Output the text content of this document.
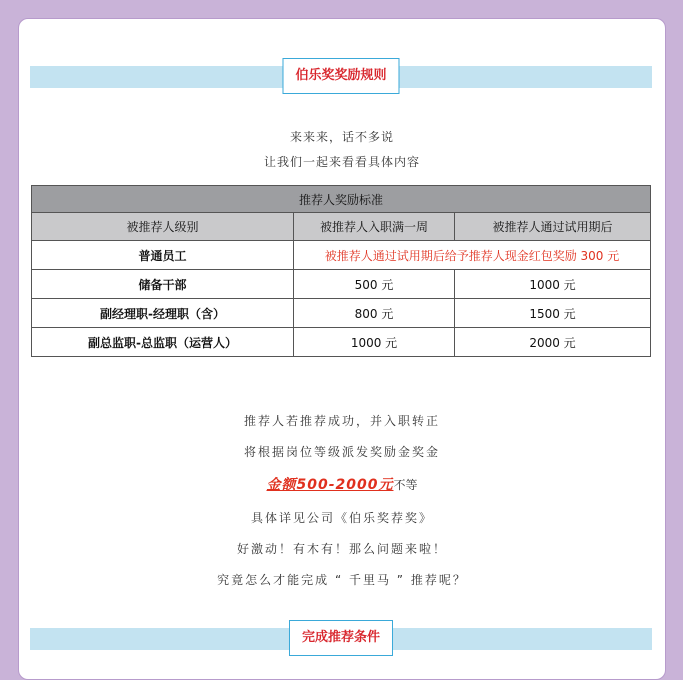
伯乐奖奖励规则
来来来，话不多说
让我们一起来看看具体内容
推荐人奖励标准		
被推荐人级别	被推荐人入职满一周	被推荐人通过试用期后
普通员工	被推荐人通过试用期后给予推荐人现金红包奖励 300 元	
储备干部	500 元	1000 元
副经理职-经理职（含）	800 元	1500 元
副总监职-总监职（运营人）	1000 元	2000 元
推荐人若推荐成功，并入职转正
将根据岗位等级派发奖励金奖金
金额500-2000元不等
具体详见公司《伯乐奖荐奖》
好激动！有木有！那么问题来啦！
究竟怎么才能完成 “ 千里马 ” 推荐呢？
完成推荐条件
